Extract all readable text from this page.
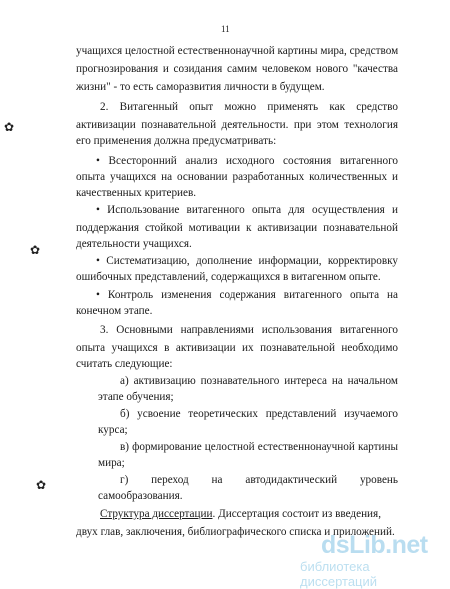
11
учащихся целостной естественнонаучной картины мира, средством
прогнозирования и созидания самим человеком нового "качества
жизни" - то есть саморазвития личности в будущем.
2. Витагенный опыт можно применять как средство
активизации познавательной деятельности. при этом технология
его применения должна предусматривать:
• Всесторонний анализ исходного состояния витагенного
опыта учащихся на основании разработанных количественных и
качественных критериев.
• Использование витагенного опыта для осуществления и
поддержания стойкой мотивации к активизации познавательной
деятельности учащихся.
• Систематизацию, дополнение информации, корректировку
ошибочных представлений, содержащихся в витагенном опыте.
• Контроль изменения содержания витагенного опыта на
конечном этапе.
3. Основными направлениями использования витагенного
опыта учащихся в активизации их познавательной необходимо
считать следующие:
а) активизацию познавательного интереса на начальном
этапе обучения;
б) усвоение теоретических представлений изучаемого
курса;
в) формирование целостной естественнонаучной картины
мира;
г) переход на автодидактический уровень
самообразования.
Структура диссертации. Диссертация состоит из введения,
двух глав, заключения, библиографического списка и приложений.
✿
✿
✿
dsLib.net
библиотека диссертаций
